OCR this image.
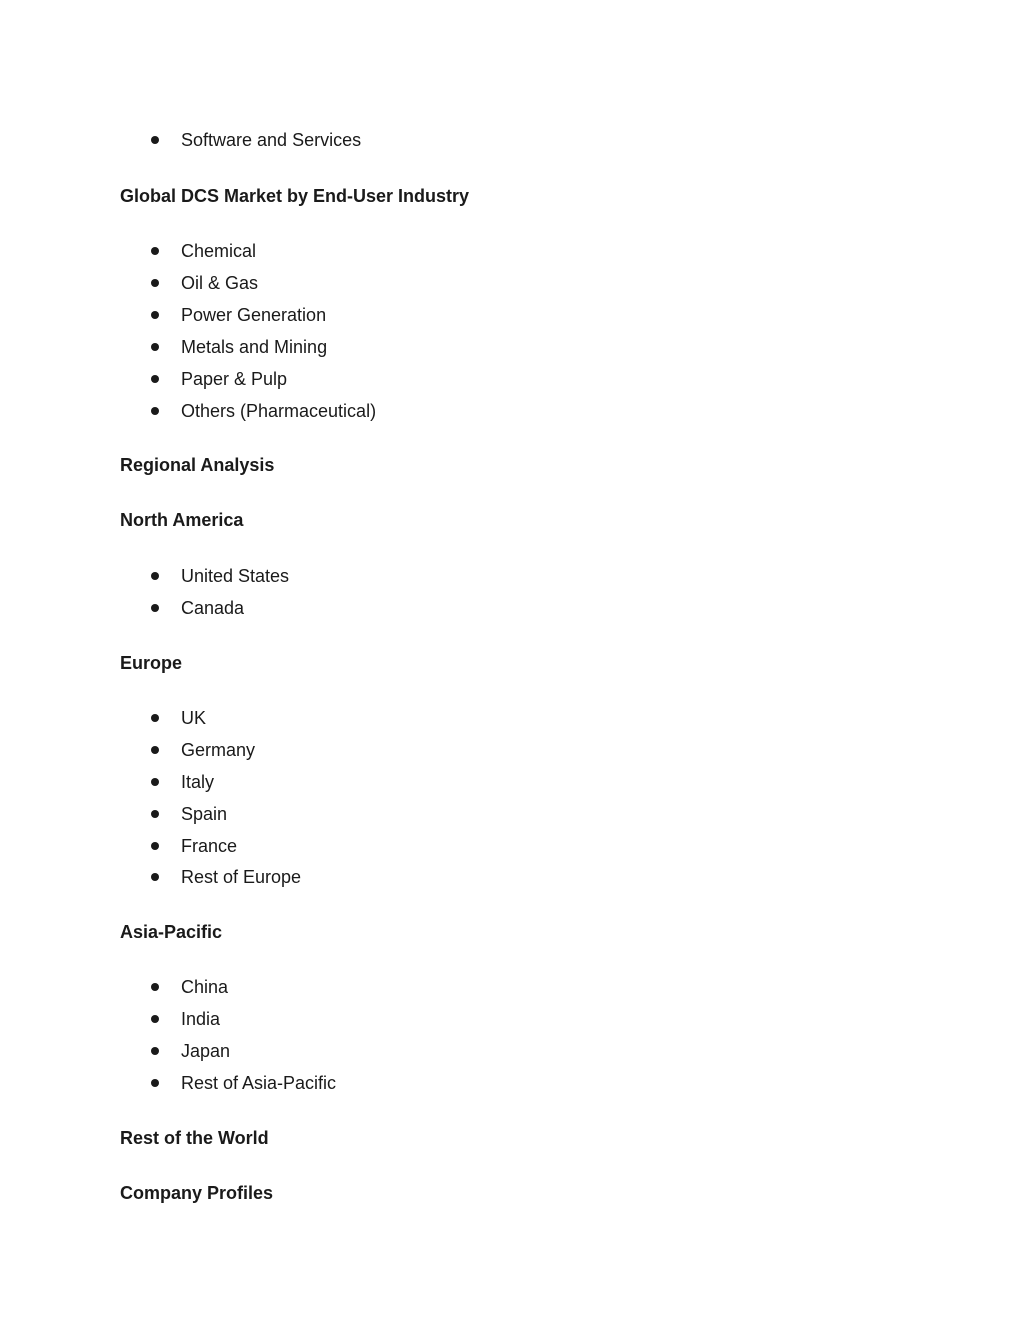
Software and Services
Global DCS Market by End-User Industry
Chemical
Oil & Gas
Power Generation
Metals and Mining
Paper & Pulp
Others (Pharmaceutical)
Regional Analysis
North America
United States
Canada
Europe
UK
Germany
Italy
Spain
France
Rest of Europe
Asia-Pacific
China
India
Japan
Rest of Asia-Pacific
Rest of the World
Company Profiles
